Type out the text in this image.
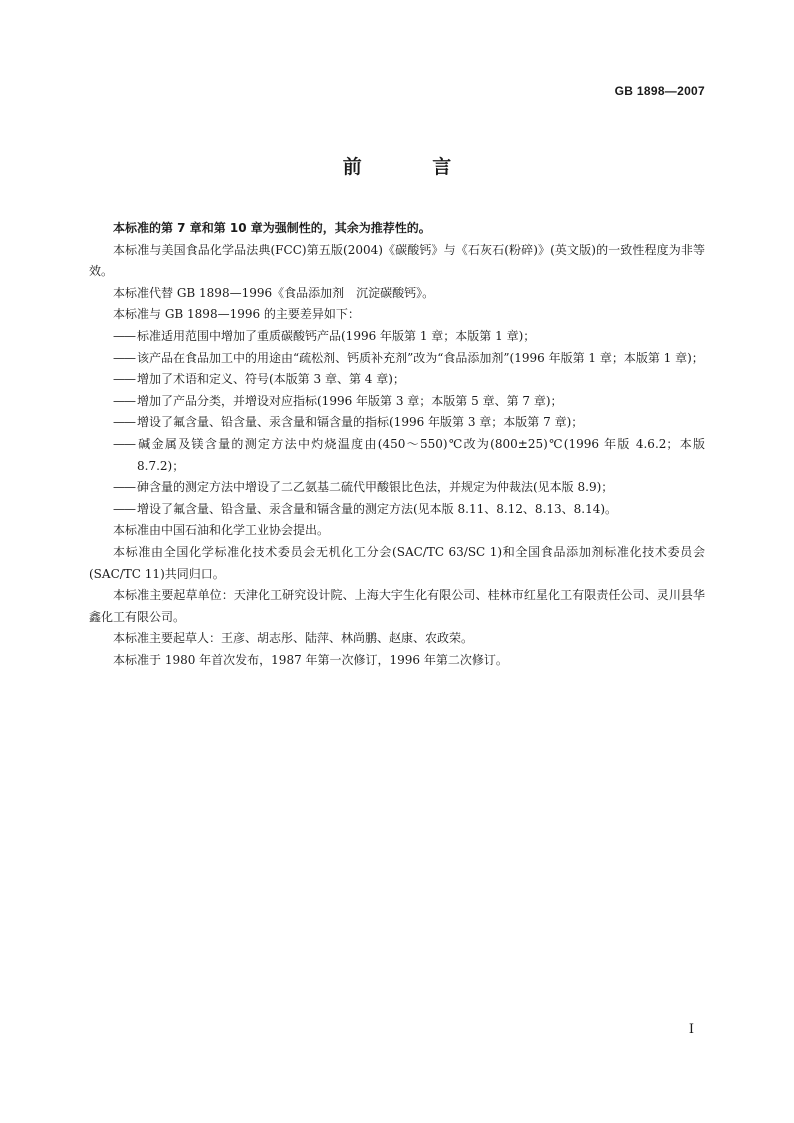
GB 1898—2007
前 言

本标准的第 7 章和第 10 章为强制性的，其余为推荐性的。

本标准与美国食品化学品法典(FCC)第五版(2004)《碳酸钙》与《石灰石(粉碎)》(英文版)的一致性程度为非等效。

本标准代替 GB 1898—1996《食品添加剂　沉淀碳酸钙》。

本标准与 GB 1898—1996 的主要差异如下：

—— 标准适用范围中增加了重质碳酸钙产品(1996 年版第 1 章；本版第 1 章)；

—— 该产品在食品加工中的用途由“疏松剂、钙质补充剂”改为“食品添加剂”(1996 年版第 1 章；本版第 1 章)；

—— 增加了术语和定义、符号(本版第 3 章、第 4 章)；

—— 增加了产品分类，并增设对应指标(1996 年版第 3 章；本版第 5 章、第 7 章)；

—— 增设了氟含量、铅含量、汞含量和镉含量的指标(1996 年版第 3 章；本版第 7 章)；

—— 碱金属及镁含量的测定方法中灼烧温度由(450～550)℃改为(800±25)℃(1996 年版 4.6.2；本版 8.7.2)；

—— 砷含量的测定方法中增设了二乙氨基二硫代甲酸银比色法，并规定为仲裁法(见本版 8.9)；

—— 增设了氟含量、铅含量、汞含量和镉含量的测定方法(见本版 8.11、8.12、8.13、8.14)。

本标准由中国石油和化学工业协会提出。

本标准由全国化学标准化技术委员会无机化工分会(SAC/TC 63/SC 1)和全国食品添加剂标准化技术委员会(SAC/TC 11)共同归口。

本标准主要起草单位：天津化工研究设计院、上海大宇生化有限公司、桂林市红星化工有限责任公司、灵川县华鑫化工有限公司。

本标准主要起草人：王彦、胡志彤、陆萍、林尚鹏、赵康、农政荣。

本标准于 1980 年首次发布，1987 年第一次修订，1996 年第二次修订。

I
